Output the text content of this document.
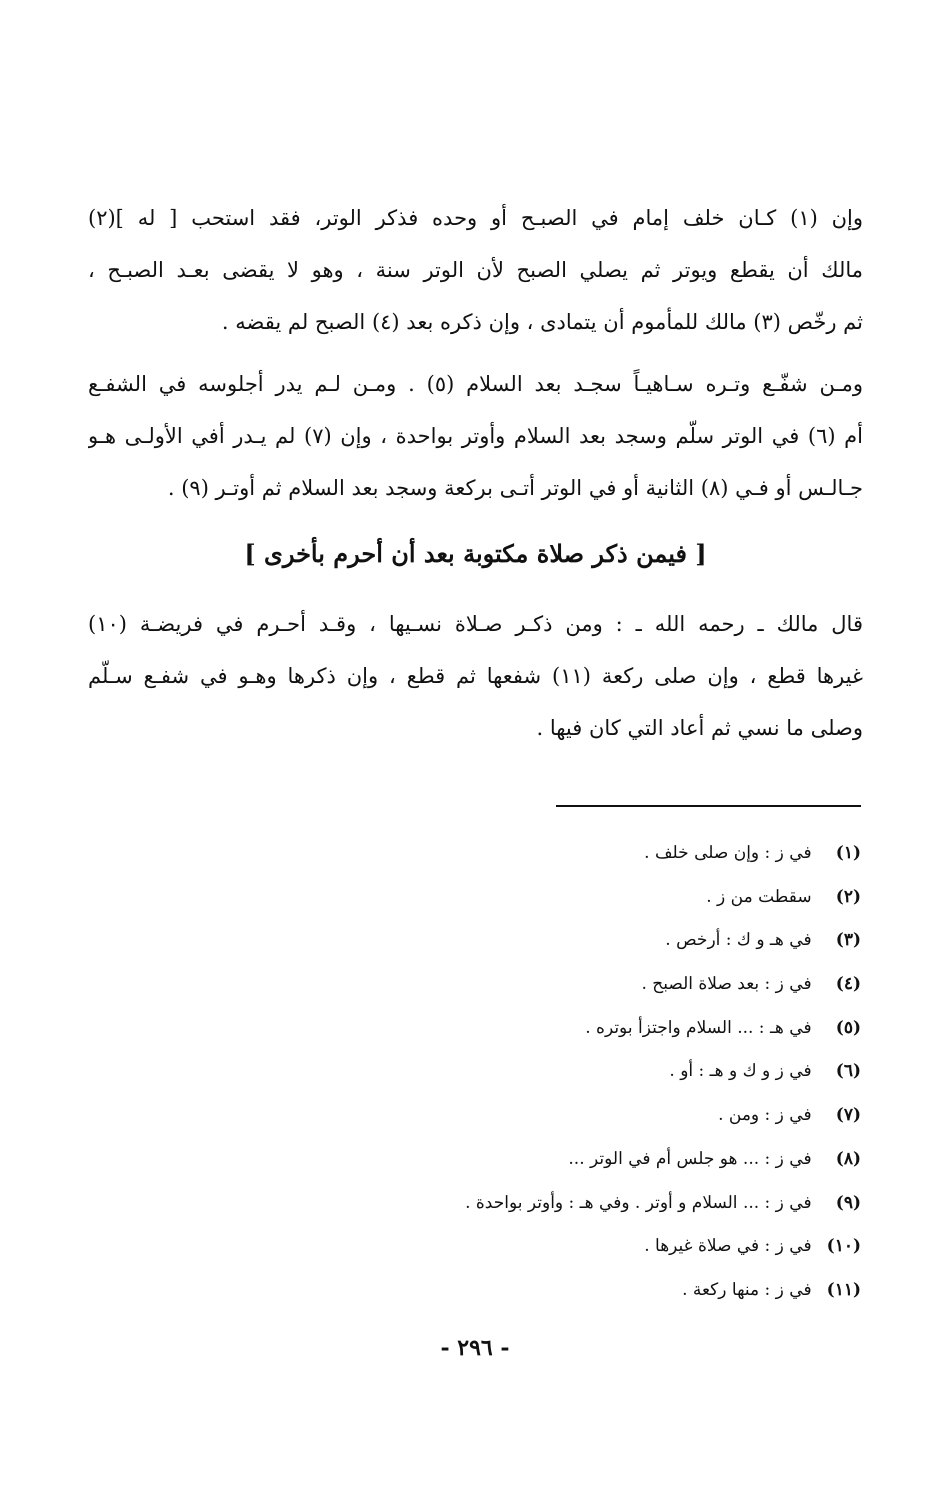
وإن (١) كـان خلف إمام في الصبـح أو وحده فذكر الوتر، فقد استحب [ له ](٢)
مالك أن يقطع ويوتر ثم يصلي الصبح لأن الوتر سنة ، وهو لا يقضى بعـد الصبـح ،
ثم رخّص (٣) مالك للمأموم أن يتمادى ، وإن ذكره بعد (٤) الصبح لم يقضه .
ومـن شفّـع وتـره سـاهيـاً سجـد بعد السلام (٥) . ومـن لـم يدر أجلوسه في الشفـع
أم (٦) في الوتر سلّم وسجد بعد السلام وأوتر بواحدة ، وإن (٧) لم يـدر أفي الأولـى هـو
جـالـس أو فـي (٨) الثانية أو في الوتر أتـى بركعة وسجد بعد السلام ثم أوتـر (٩) .
[ فيمن ذكر صلاة مكتوبة بعد أن أحرم بأخرى ]
قال مالك ـ رحمه الله ـ : ومن ذكـر صـلاة نسـيها ، وقـد أحـرم في فريضـة (١٠)
غيرها قطع ، وإن صلى ركعة (١١) شفعها ثم قطع ، وإن ذكرها وهـو في شفـع سـلّم
وصلى ما نسي ثم أعاد التي كان فيها .
(١) في ز : وإن صلى خلف .
(٢) سقطت من ز .
(٣) في هـ و ك : أرخص .
(٤) في ز : بعد صلاة الصبح .
(٥) في هـ : ... السلام واجتزأ بوتره .
(٦) في ز و ك و هـ : أو .
(٧) في ز : ومن .
(٨) في ز : ... هو جلس أم في الوتر ...
(٩) في ز : ... السلام و أوتر . وفي هـ : وأوتر بواحدة .
(١٠) في ز : في صلاة غيرها .
(١١) في ز : منها ركعة .
- ٢٩٦ -
